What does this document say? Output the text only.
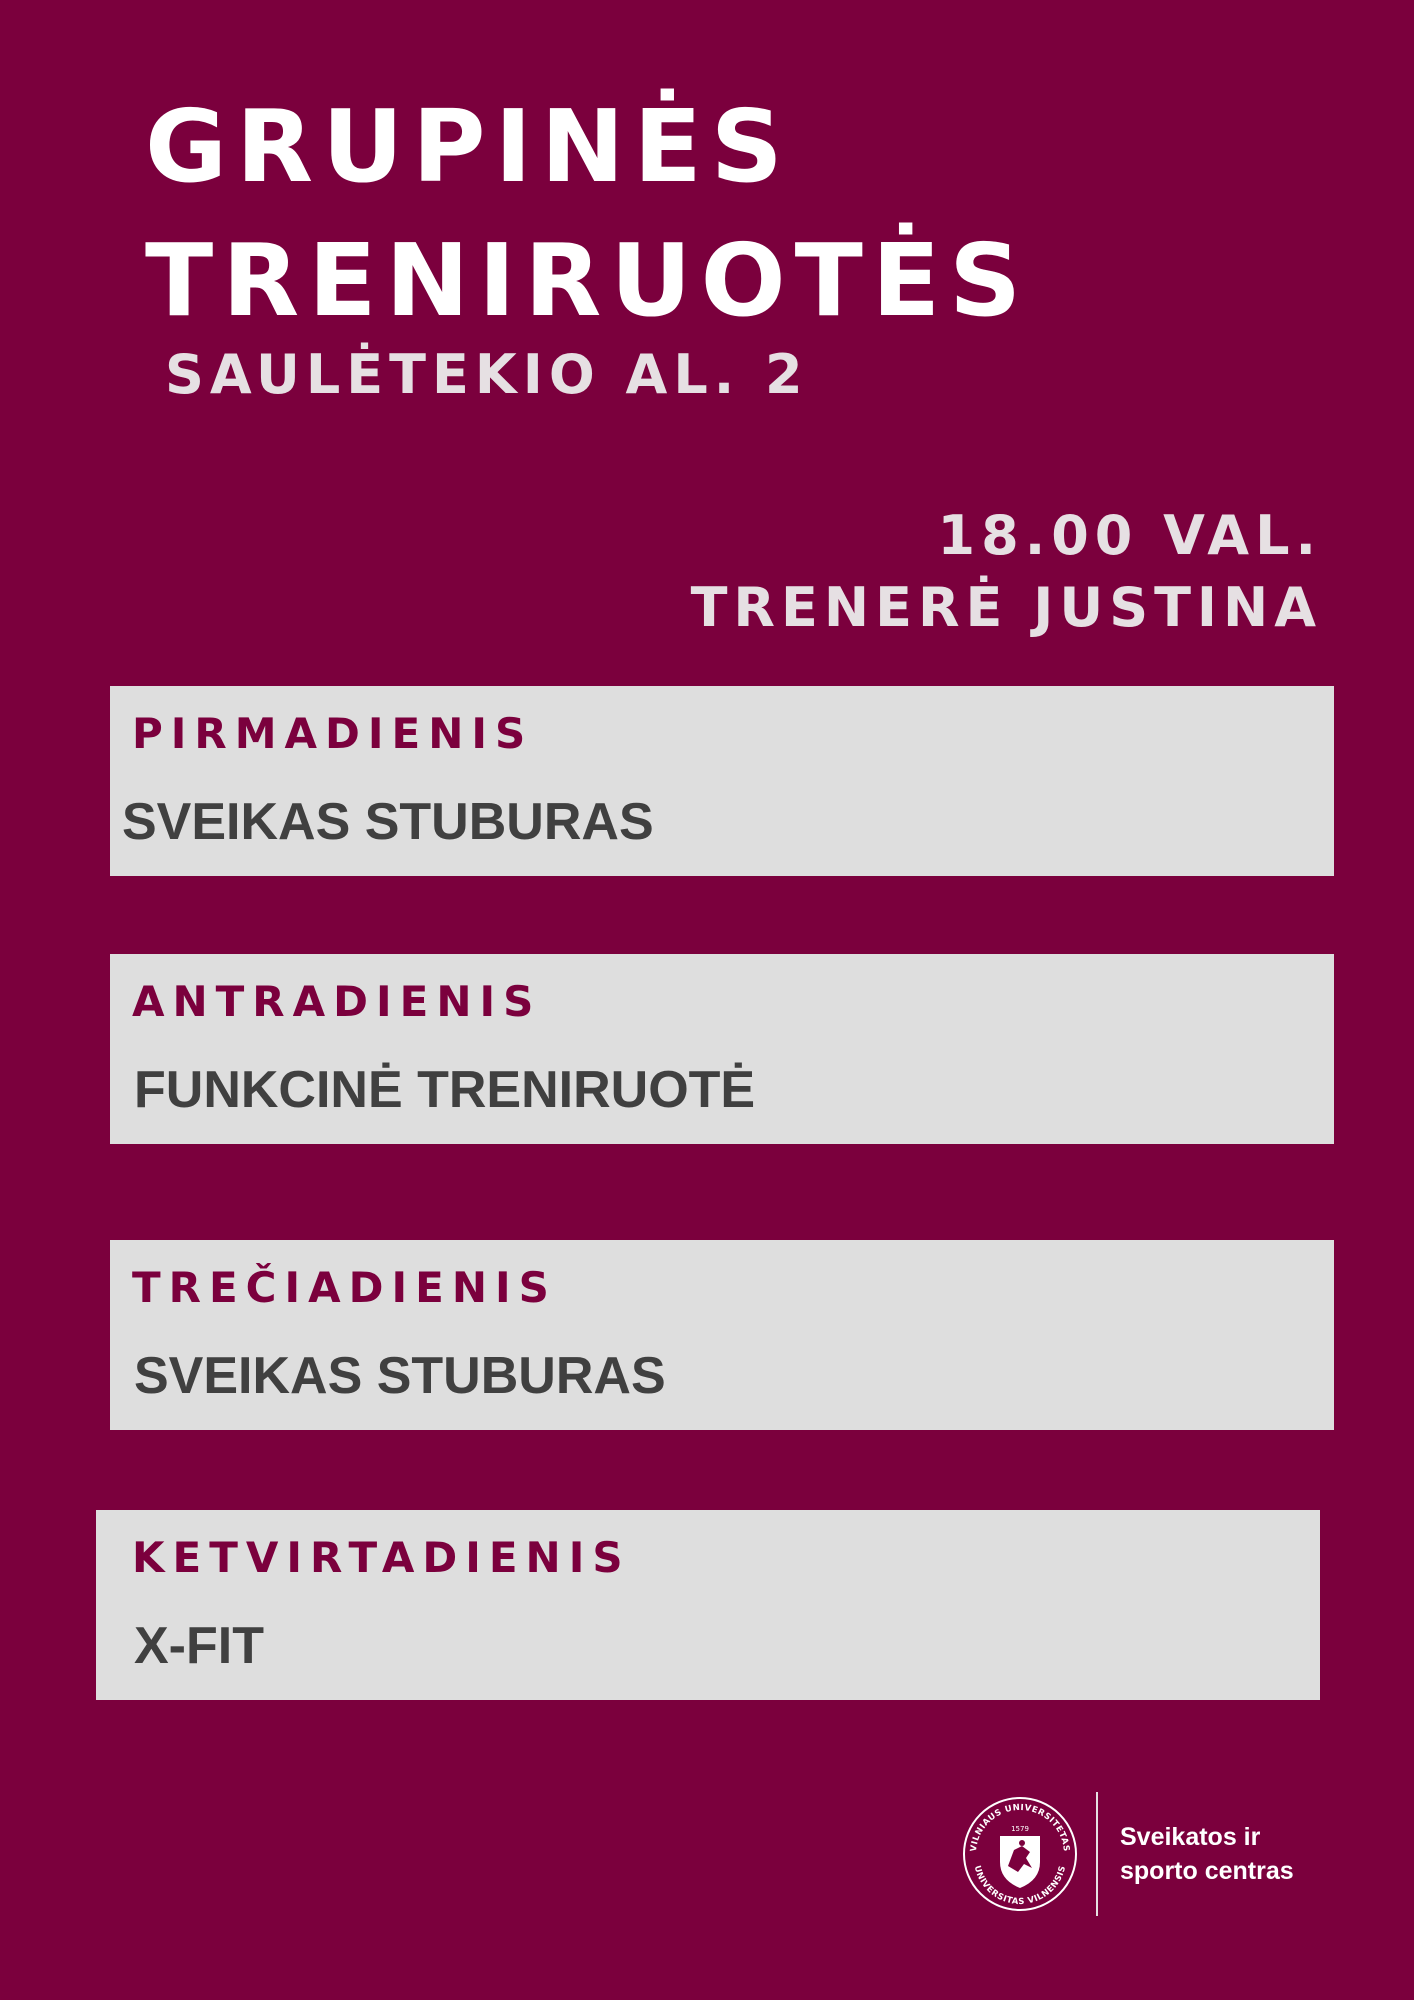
GRUPINĖS
TRENIRUOTĖS
SAULĖTEKIO AL. 2
18.00 VAL.
TRENERĖ JUSTINA
PIRMADIENIS
SVEIKAS STUBURAS
ANTRADIENIS
FUNKCINĖ TRENIRUOTĖ
TREČIADIENIS
SVEIKAS STUBURAS
KETVIRTADIENIS
X-FIT
VILNIAUS UNIVERSITETAS
UNIVERSITAS VILNENSIS
1579	Sveikatos ir
sporto centras
